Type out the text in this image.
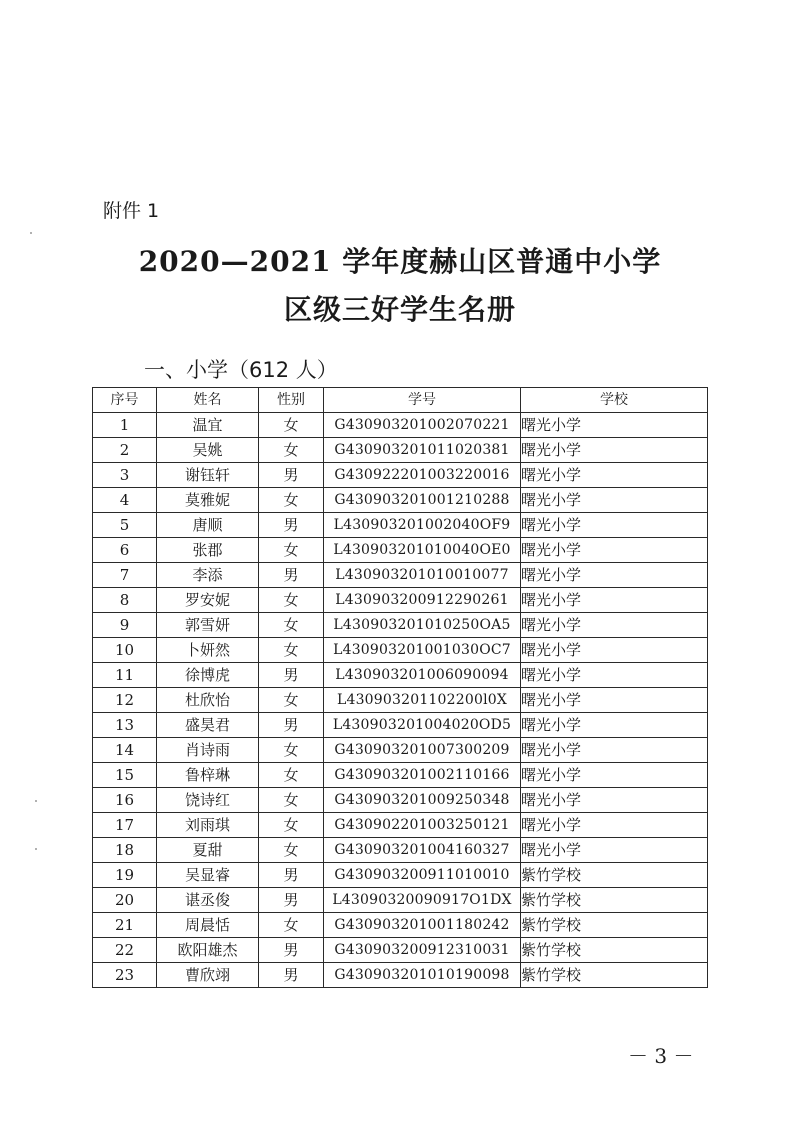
附件 1
2020—2021 学年度赫山区普通中小学
区级三好学生名册
一、小学（612 人）
序号	姓名	性别	学号	学校
1	温宜	女	G430903201002070221	曙光小学
2	吴姚	女	G430903201011020381	曙光小学
3	谢钰轩	男	G430922201003220016	曙光小学
4	莫雅妮	女	G430903201001210288	曙光小学
5	唐顺	男	L430903201002040OF9	曙光小学
6	张郡	女	L430903201010040OE0	曙光小学
7	李添	男	L430903201010010077	曙光小学
8	罗安妮	女	L430903200912290261	曙光小学
9	郭雪妍	女	L430903201010250OA5	曙光小学
10	卜妍然	女	L430903201001030OC7	曙光小学
11	徐博虎	男	L430903201006090094	曙光小学
12	杜欣怡	女	L430903201102200l0X	曙光小学
13	盛昊君	男	L430903201004020OD5	曙光小学
14	肖诗雨	女	G430903201007300209	曙光小学
15	鲁梓琳	女	G430903201002110166	曙光小学
16	饶诗红	女	G430903201009250348	曙光小学
17	刘雨琪	女	G430902201003250121	曙光小学
18	夏甜	女	G430903201004160327	曙光小学
19	吴显睿	男	G430903200911010010	紫竹学校
20	谌丞俊	男	L43090320090917O1DX	紫竹学校
21	周晨恬	女	G430903201001180242	紫竹学校
22	欧阳雄杰	男	G430903200912310031	紫竹学校
23	曹欣翊	男	G430903201010190098	紫竹学校
－ 3 －
